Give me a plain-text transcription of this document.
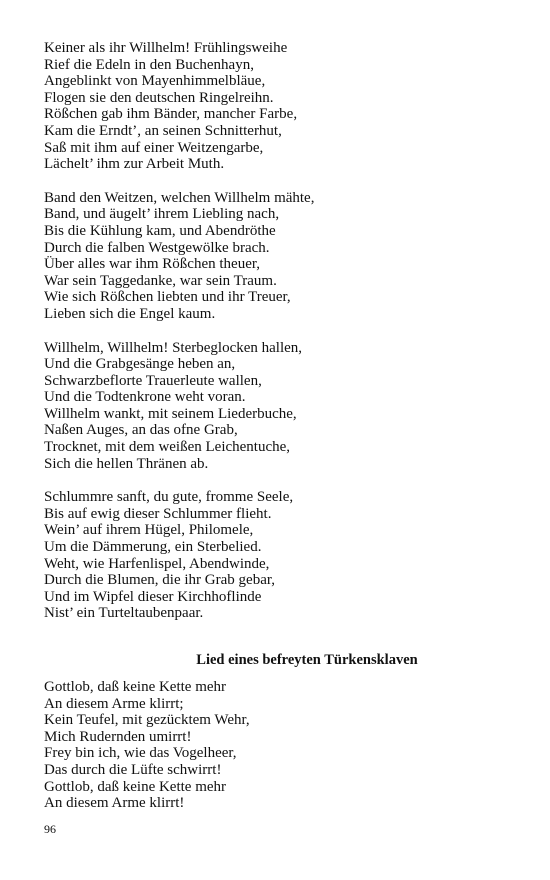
Keiner als ihr Willhelm! Frühlingsweihe
Rief die Edeln in den Buchenhayn,
Angeblinkt von Mayenhimmelbläue,
Flogen sie den deutschen Ringelreihn.
Rößchen gab ihm Bänder, mancher Farbe,
Kam die Erndt’, an seinen Schnitterhut,
Saß mit ihm auf einer Weitzengarbe,
Lächelt’ ihm zur Arbeit Muth.
Band den Weitzen, welchen Willhelm mähte,
Band, und äugelt’ ihrem Liebling nach,
Bis die Kühlung kam, und Abendröthe
Durch die falben Westgewölke brach.
Über alles war ihm Rößchen theuer,
War sein Taggedanke, war sein Traum.
Wie sich Rößchen liebten und ihr Treuer,
Lieben sich die Engel kaum.
Willhelm, Willhelm! Sterbeglocken hallen,
Und die Grabgesänge heben an,
Schwarzbeflorte Trauerleute wallen,
Und die Todtenkrone weht voran.
Willhelm wankt, mit seinem Liederbuche,
Naßen Auges, an das ofne Grab,
Trocknet, mit dem weißen Leichentuche,
Sich die hellen Thränen ab.
Schlummre sanft, du gute, fromme Seele,
Bis auf ewig dieser Schlummer flieht.
Wein’ auf ihrem Hügel, Philomele,
Um die Dämmerung, ein Sterbelied.
Weht, wie Harfenlispel, Abendwinde,
Durch die Blumen, die ihr Grab gebar,
Und im Wipfel dieser Kirchhoflinde
Nist’ ein Turteltaubenpaar.
Lied eines befreyten Türkensklaven
Gottlob, daß keine Kette mehr
An diesem Arme klirrt;
Kein Teufel, mit gezücktem Wehr,
Mich Rudernden umirrt!
Frey bin ich, wie das Vogelheer,
Das durch die Lüfte schwirrt!
Gottlob, daß keine Kette mehr
An diesem Arme klirrt!
96
